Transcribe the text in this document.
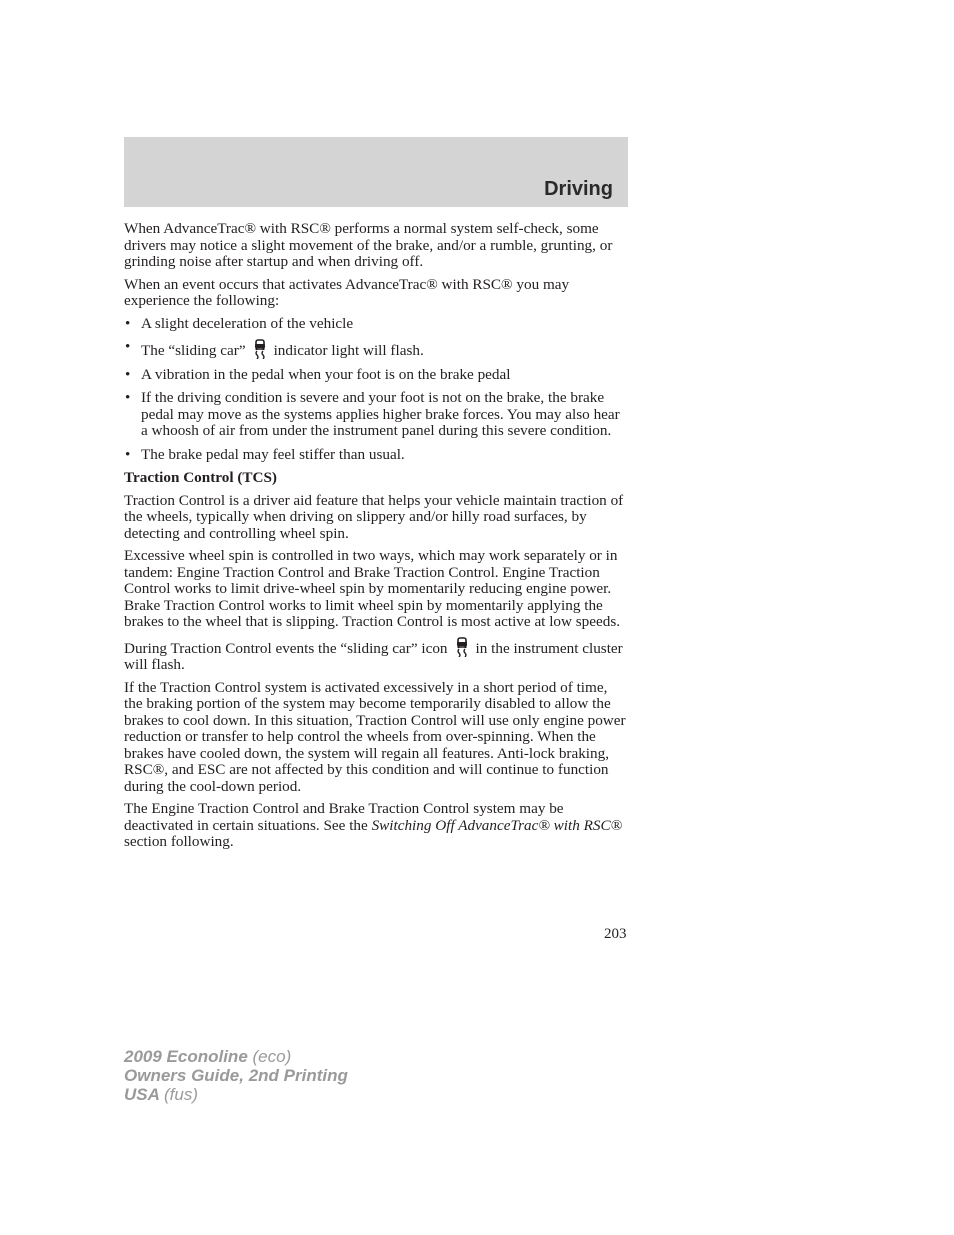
Driving

When AdvanceTrac® with RSC® performs a normal system self-check, some drivers may notice a slight movement of the brake, and/or a rumble, grunting, or grinding noise after startup and when driving off.

When an event occurs that activates AdvanceTrac® with RSC® you may experience the following:

• A slight deceleration of the vehicle
• The “sliding car” indicator light will flash.
• A vibration in the pedal when your foot is on the brake pedal
• If the driving condition is severe and your foot is not on the brake, the brake pedal may move as the systems applies higher brake forces. You may also hear a whoosh of air from under the instrument panel during this severe condition.
• The brake pedal may feel stiffer than usual.

Traction Control (TCS)

Traction Control is a driver aid feature that helps your vehicle maintain traction of the wheels, typically when driving on slippery and/or hilly road surfaces, by detecting and controlling wheel spin.

Excessive wheel spin is controlled in two ways, which may work separately or in tandem: Engine Traction Control and Brake Traction Control. Engine Traction Control works to limit drive-wheel spin by momentarily reducing engine power. Brake Traction Control works to limit wheel spin by momentarily applying the brakes to the wheel that is slipping. Traction Control is most active at low speeds.

During Traction Control events the “sliding car” icon in the instrument cluster will flash.

If the Traction Control system is activated excessively in a short period of time, the braking portion of the system may become temporarily disabled to allow the brakes to cool down. In this situation, Traction Control will use only engine power reduction or transfer to help control the wheels from over-spinning. When the brakes have cooled down, the system will regain all features. Anti-lock braking, RSC®, and ESC are not affected by this condition and will continue to function during the cool-down period.

The Engine Traction Control and Brake Traction Control system may be deactivated in certain situations. See the Switching Off AdvanceTrac® with RSC® section following.

203
2009 Econoline (eco)
Owners Guide, 2nd Printing
USA (fus)
